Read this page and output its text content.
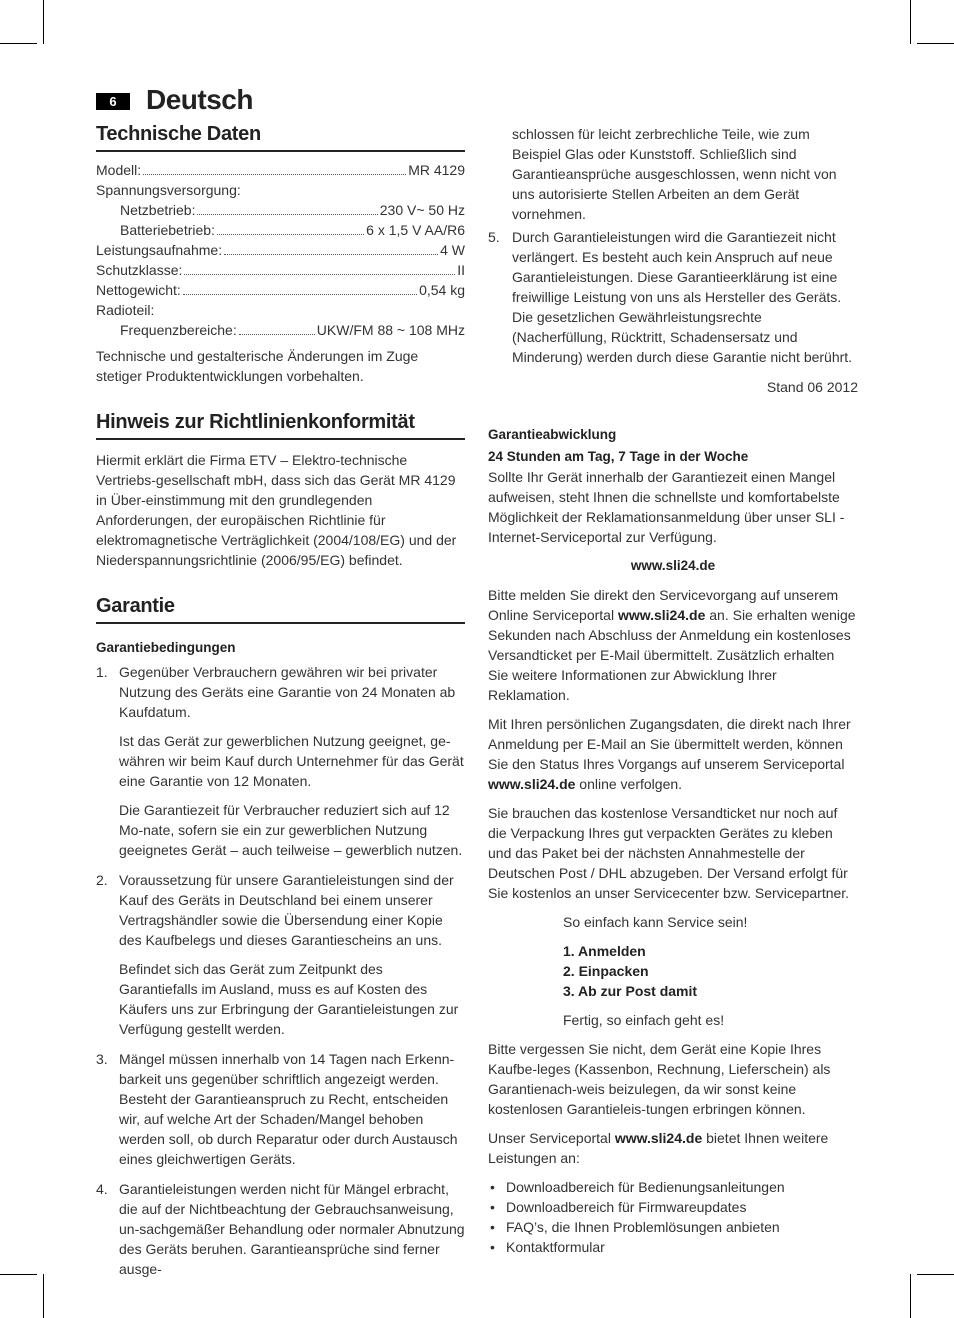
6	Deutsch
Technische Daten
Modell:	MR 4129
Spannungsversorgung:
Netzbetrieb:	230 V~ 50 Hz
Batteriebetrieb:	6 x 1,5 V AA/R6
Leistungsaufnahme:	4 W
Schutzklasse:	II
Nettogewicht:	0,54 kg
Radioteil:
Frequenzbereiche:	UKW/FM 88 ~ 108 MHz

Technische und gestalterische Änderungen im Zuge stetiger Produktentwicklungen vorbehalten.

Hinweis zur Richtlinienkonformität

Hiermit erklärt die Firma ETV – Elektro-technische Vertriebs-gesellschaft mbH, dass sich das Gerät MR 4129 in Über-einstimmung mit den grundlegenden Anforderungen, der europäischen Richtlinie für elektromagnetische Verträglichkeit (2004/108/EG) und der Niederspannungsrichtlinie (2006/95/EG) befindet.

Garantie
Garantiebedingungen
1. Gegenüber Verbrauchern gewähren wir bei privater Nutzung des Geräts eine Garantie von 24 Monaten ab Kaufdatum.

Ist das Gerät zur gewerblichen Nutzung geeignet, ge-währen wir beim Kauf durch Unternehmer für das Gerät eine Garantie von 12 Monaten.

Die Garantiezeit für Verbraucher reduziert sich auf 12 Mo-nate, sofern sie ein zur gewerblichen Nutzung geeignetes Gerät – auch teilweise – gewerblich nutzen.

2. Voraussetzung für unsere Garantieleistungen sind der Kauf des Geräts in Deutschland bei einem unserer Vertragshändler sowie die Übersendung einer Kopie des Kaufbelegs und dieses Garantiescheins an uns.

Befindet sich das Gerät zum Zeitpunkt des Garantiefalls im Ausland, muss es auf Kosten des Käufers uns zur Erbringung der Garantieleistungen zur Verfügung gestellt werden.

3. Mängel müssen innerhalb von 14 Tagen nach Erkenn-barkeit uns gegenüber schriftlich angezeigt werden. Besteht der Garantieanspruch zu Recht, entscheiden wir, auf welche Art der Schaden/Mangel behoben werden soll, ob durch Reparatur oder durch Austausch eines gleichwertigen Geräts.

4. Garantieleistungen werden nicht für Mängel erbracht, die auf der Nichtbeachtung der Gebrauchsanweisung, un-sachgemäßer Behandlung oder normaler Abnutzung des Geräts beruhen. Garantieansprüche sind ferner ausge-

schlossen für leicht zerbrechliche Teile, wie zum Beispiel Glas oder Kunststoff. Schließlich sind Garantieansprüche ausgeschlossen, wenn nicht von uns autorisierte Stellen Arbeiten an dem Gerät vornehmen.

5. Durch Garantieleistungen wird die Garantiezeit nicht verlängert. Es besteht auch kein Anspruch auf neue Garantieleistungen. Diese Garantieerklärung ist eine freiwillige Leistung von uns als Hersteller des Geräts. Die gesetzlichen Gewährleistungsrechte (Nacherfüllung, Rücktritt, Schadensersatz und Minderung) werden durch diese Garantie nicht berührt.

Stand 06 2012
Garantieabwicklung
24 Stunden am Tag, 7 Tage in der Woche

Sollte Ihr Gerät innerhalb der Garantiezeit einen Mangel aufweisen, steht Ihnen die schnellste und komfortabelste Möglichkeit der Reklamationsanmeldung über unser SLI - Internet-Serviceportal zur Verfügung.

www.sli24.de

Bitte melden Sie direkt den Servicevorgang auf unserem Online Serviceportal www.sli24.de an. Sie erhalten wenige Sekunden nach Abschluss der Anmeldung ein kostenloses Versandticket per E-Mail übermittelt. Zusätzlich erhalten Sie weitere Informationen zur Abwicklung Ihrer Reklamation.

Mit Ihren persönlichen Zugangsdaten, die direkt nach Ihrer Anmeldung per E-Mail an Sie übermittelt werden, können Sie den Status Ihres Vorgangs auf unserem Serviceportal www.sli24.de online verfolgen.

Sie brauchen das kostenlose Versandticket nur noch auf die Verpackung Ihres gut verpackten Gerätes zu kleben und das Paket bei der nächsten Annahmestelle der Deutschen Post / DHL abzugeben. Der Versand erfolgt für Sie kostenlos an unser Servicecenter bzw. Servicepartner.

So einfach kann Service sein!

1. Anmelden
2. Einpacken
3. Ab zur Post damit

Fertig, so einfach geht es!

Bitte vergessen Sie nicht, dem Gerät eine Kopie Ihres Kaufbe-leges (Kassenbon, Rechnung, Lieferschein) als Garantienach-weis beizulegen, da wir sonst keine kostenlosen Garantieleis-tungen erbringen können.

Unser Serviceportal www.sli24.de bietet Ihnen weitere Leistungen an:

• Downloadbereich für Bedienungsanleitungen
• Downloadbereich für Firmwareupdates
• FAQ’s, die Ihnen Problemlösungen anbieten
• Kontaktformular
